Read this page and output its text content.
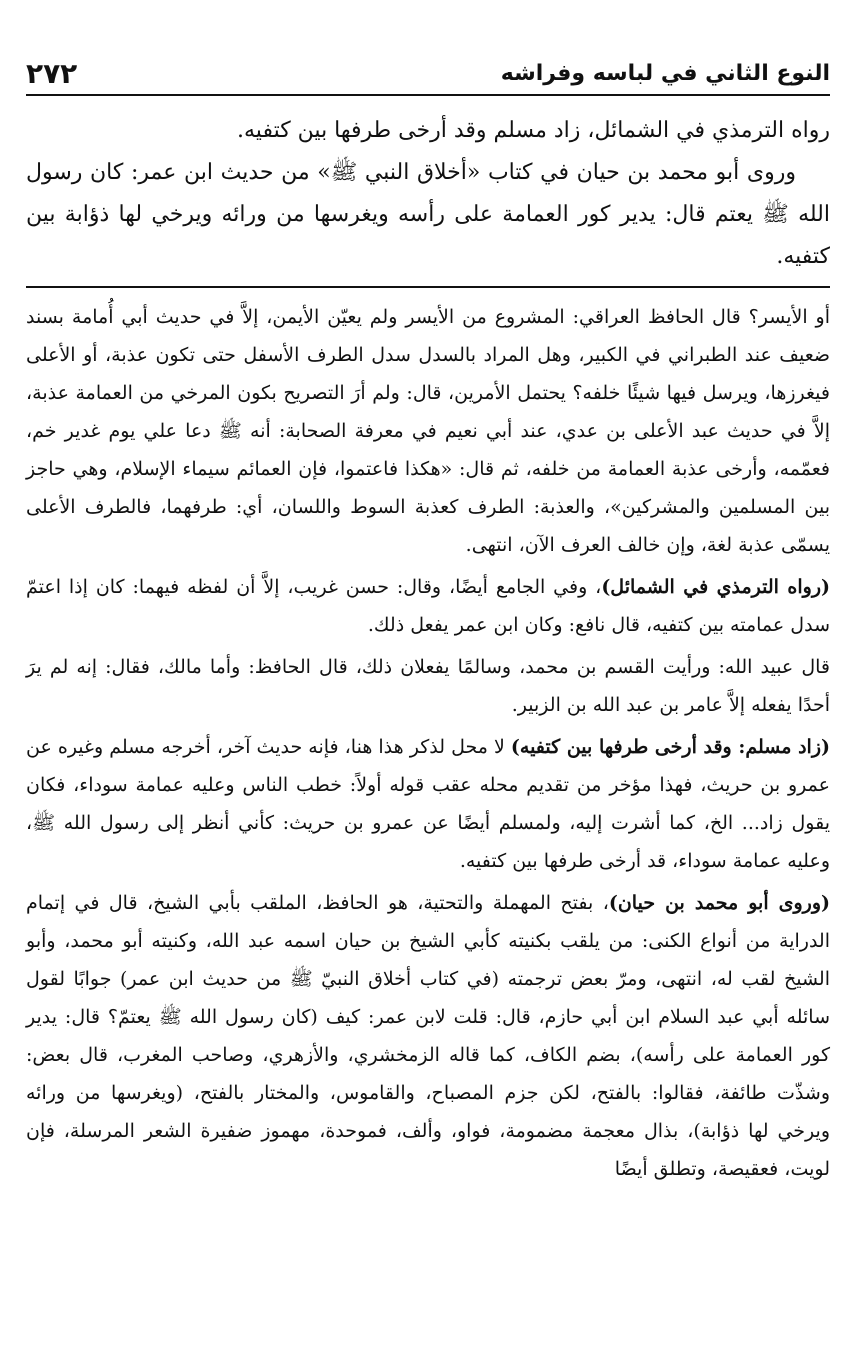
النوع الثاني في لباسه وفراشه
٢٧٢

رواه الترمذي في الشمائل، زاد مسلم وقد أرخى طرفها بين كتفيه.

وروى أبو محمد بن حيان في كتاب «أخلاق النبي ﷺ» من حديث ابن عمر: كان رسول الله ﷺ يعتم قال: يدير كور العمامة على رأسه ويغرسها من ورائه ويرخي لها ذؤابة بين كتفيه.

أو الأيسر؟ قال الحافظ العراقي: المشروع من الأيسر ولم يعيّن الأيمن، إلاَّ في حديث أبي أُمامة بسند ضعيف عند الطبراني في الكبير، وهل المراد بالسدل سدل الطرف الأسفل حتى تكون عذبة، أو الأعلى فيغرزها، ويرسل فيها شيئًا خلفه؟ يحتمل الأمرين، قال: ولم أرَ التصريح بكون المرخي من العمامة عذبة، إلاَّ في حديث عبد الأعلى بن عدي، عند أبي نعيم في معرفة الصحابة: أنه ﷺ دعا علي يوم غدير خم، فعمّمه، وأرخى عذبة العمامة من خلفه، ثم قال: «هكذا فاعتموا، فإن العمائم سيماء الإسلام، وهي حاجز بين المسلمين والمشركين»، والعذبة: الطرف كعذبة السوط واللسان، أي: طرفهما، فالطرف الأعلى يسمّى عذبة لغة، وإن خالف العرف الآن، انتهى.

(رواه الترمذي في الشمائل)، وفي الجامع أيضًا، وقال: حسن غريب، إلاَّ أن لفظه فيهما: كان إذا اعتمّ سدل عمامته بين كتفيه، قال نافع: وكان ابن عمر يفعل ذلك.

قال عبيد الله: ورأيت القسم بن محمد، وسالمًا يفعلان ذلك، قال الحافظ: وأما مالك، فقال: إنه لم يرَ أحدًا يفعله إلاَّ عامر بن عبد الله بن الزبير.

(زاد مسلم: وقد أرخى طرفها بين كتفيه) لا محل لذكر هذا هنا، فإنه حديث آخر، أخرجه مسلم وغيره عن عمرو بن حريث، فهذا مؤخر من تقديم محله عقب قوله أولاً: خطب الناس وعليه عمامة سوداء، فكان يقول زاد... الخ، كما أشرت إليه، ولمسلم أيضًا عن عمرو بن حريث: كأني أنظر إلى رسول الله ﷺ، وعليه عمامة سوداء، قد أرخى طرفها بين كتفيه.

(وروى أبو محمد بن حيان)، بفتح المهملة والتحتية، هو الحافظ، الملقب بأبي الشيخ، قال في إتمام الدراية من أنواع الكنى: من يلقب بكنيته كأبي الشيخ بن حيان اسمه عبد الله، وكنيته أبو محمد، وأبو الشيخ لقب له، انتهى، ومرّ بعض ترجمته (في كتاب أخلاق النبيّ ﷺ من حديث ابن عمر) جوابًا لقول سائله أبي عبد السلام ابن أبي حازم، قال: قلت لابن عمر: كيف (كان رسول الله ﷺ يعتمّ؟ قال: يدير كور العمامة على رأسه)، بضم الكاف، كما قاله الزمخشري، والأزهري، وصاحب المغرب، قال بعض: وشذّت طائفة، فقالوا: بالفتح، لكن جزم المصباح، والقاموس، والمختار بالفتح، (ويغرسها من ورائه ويرخي لها ذؤابة)، بذال معجمة مضمومة، فواو، وألف، فموحدة، مهموز ضفيرة الشعر المرسلة، فإن لويت، فعقيصة، وتطلق أيضًا
